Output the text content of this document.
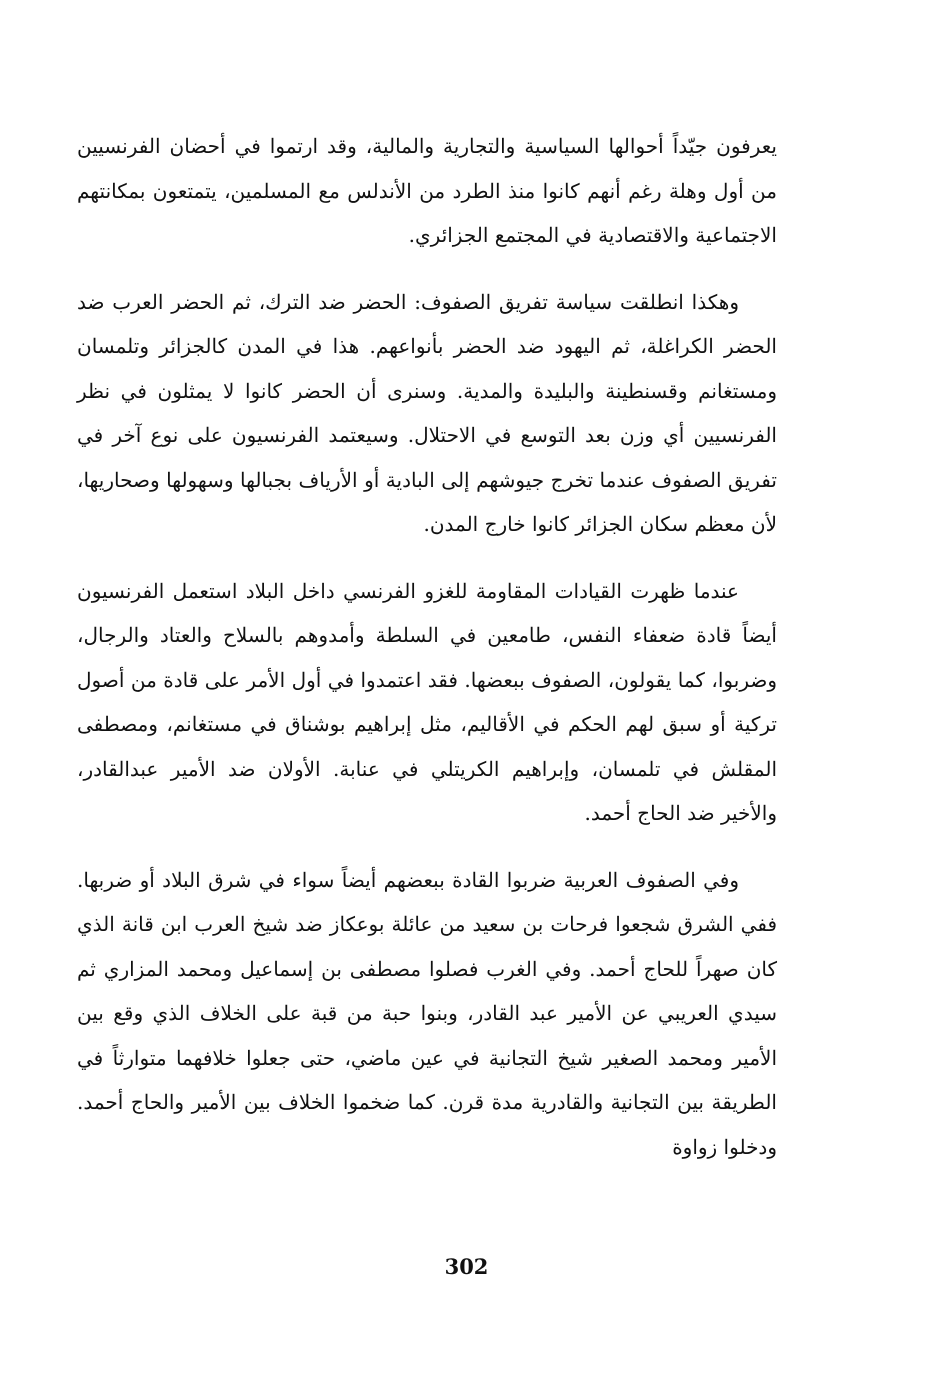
يعرفون جيّداً أحوالها السياسية والتجارية والمالية، وقد ارتموا في أحضان الفرنسيين من أول وهلة رغم أنهم كانوا منذ الطرد من الأندلس مع المسلمين، يتمتعون بمكانتهم الاجتماعية والاقتصادية في المجتمع الجزائري.

وهكذا انطلقت سياسة تفريق الصفوف: الحضر ضد الترك، ثم الحضر العرب ضد الحضر الكراغلة، ثم اليهود ضد الحضر بأنواعهم. هذا في المدن كالجزائر وتلمسان ومستغانم وقسنطينة والبليدة والمدية. وسنرى أن الحضر كانوا لا يمثلون في نظر الفرنسيين أي وزن بعد التوسع في الاحتلال. وسيعتمد الفرنسيون على نوع آخر في تفريق الصفوف عندما تخرج جيوشهم إلى البادية أو الأرياف بجبالها وسهولها وصحاريها، لأن معظم سكان الجزائر كانوا خارج المدن.

عندما ظهرت القيادات المقاومة للغزو الفرنسي داخل البلاد استعمل الفرنسيون أيضاً قادة ضعفاء النفس، طامعين في السلطة وأمدوهم بالسلاح والعتاد والرجال، وضربوا، كما يقولون، الصفوف ببعضها. فقد اعتمدوا في أول الأمر على قادة من أصول تركية أو سبق لهم الحكم في الأقاليم، مثل إبراهيم بوشناق في مستغانم، ومصطفى المقلش في تلمسان، وإبراهيم الكريتلي في عنابة. الأولان ضد الأمير عبدالقادر، والأخير ضد الحاج أحمد.

وفي الصفوف العربية ضربوا القادة ببعضهم أيضاً سواء في شرق البلاد أو ضربها. ففي الشرق شجعوا فرحات بن سعيد من عائلة بوعكاز ضد شيخ العرب ابن قانة الذي كان صهراً للحاج أحمد. وفي الغرب فصلوا مصطفى بن إسماعيل ومحمد المزاري ثم سيدي العريبي عن الأمير عبد القادر، وبنوا حبة من قبة على الخلاف الذي وقع بين الأمير ومحمد الصغير شيخ التجانية في عين ماضي، حتى جعلوا خلافهما متوارثاً في الطريقة بين التجانية والقادرية مدة قرن. كما ضخموا الخلاف بين الأمير والحاج أحمد. ودخلوا زواوة

302
